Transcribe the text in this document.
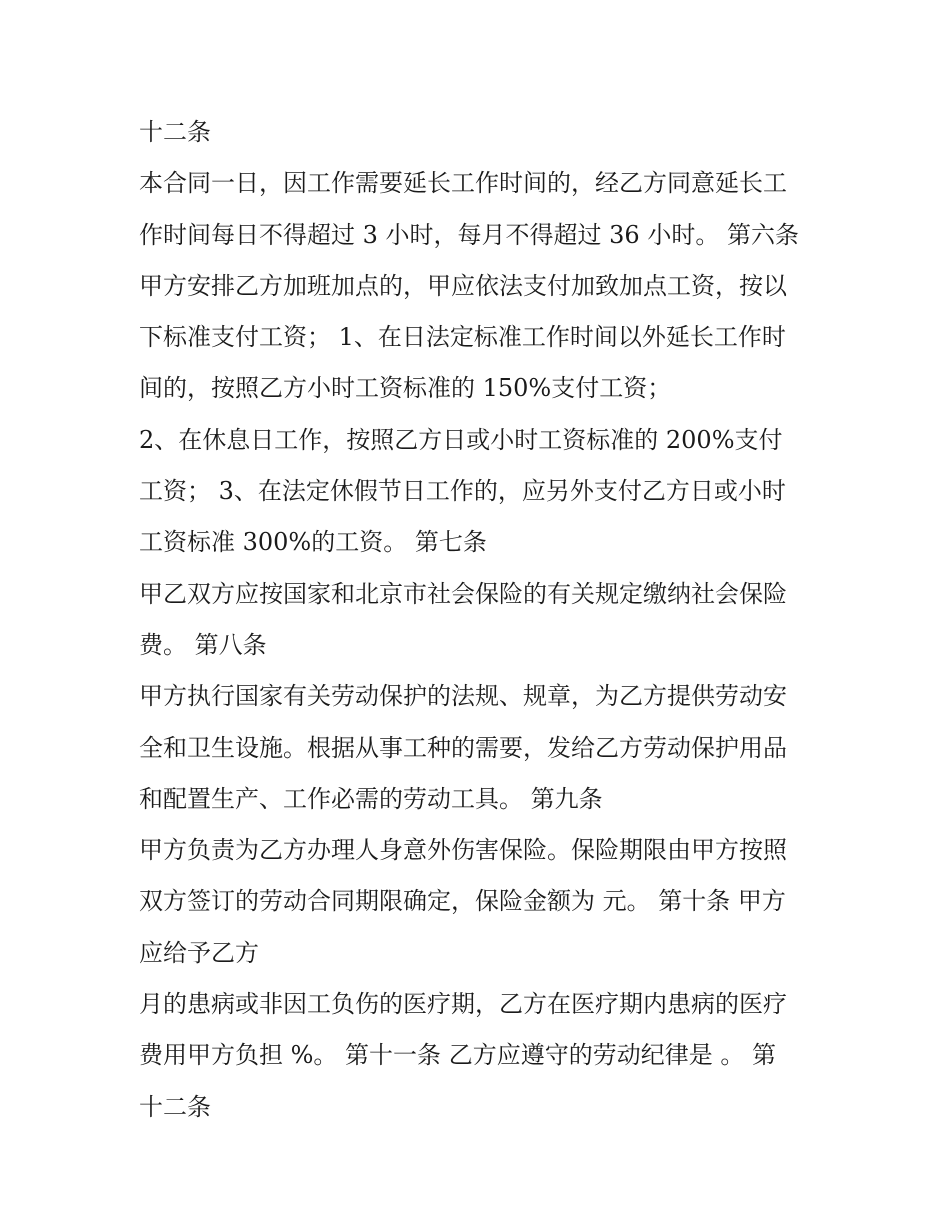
十二条
本合同一日，因工作需要延长工作时间的，经乙方同意延长工
作时间每日不得超过 3 小时，每月不得超过 36 小时。 第六条
甲方安排乙方加班加点的，甲应依法支付加致加点工资，按以
下标准支付工资； 1、在日法定标准工作时间以外延长工作时
间的，按照乙方小时工资标准的 150%支付工资；
2、在休息日工作，按照乙方日或小时工资标准的 200%支付
工资； 3、在法定休假节日工作的，应另外支付乙方日或小时
工资标准 300%的工资。 第七条
甲乙双方应按国家和北京市社会保险的有关规定缴纳社会保险
费。 第八条
甲方执行国家有关劳动保护的法规、规章，为乙方提供劳动安
全和卫生设施。根据从事工种的需要，发给乙方劳动保护用品
和配置生产、工作必需的劳动工具。 第九条
甲方负责为乙方办理人身意外伤害保险。保险期限由甲方按照
双方签订的劳动合同期限确定，保险金额为 元。 第十条 甲方
应给予乙方
月的患病或非因工负伤的医疗期，乙方在医疗期内患病的医疗
费用甲方负担 %。 第十一条 乙方应遵守的劳动纪律是 。 第
十二条
